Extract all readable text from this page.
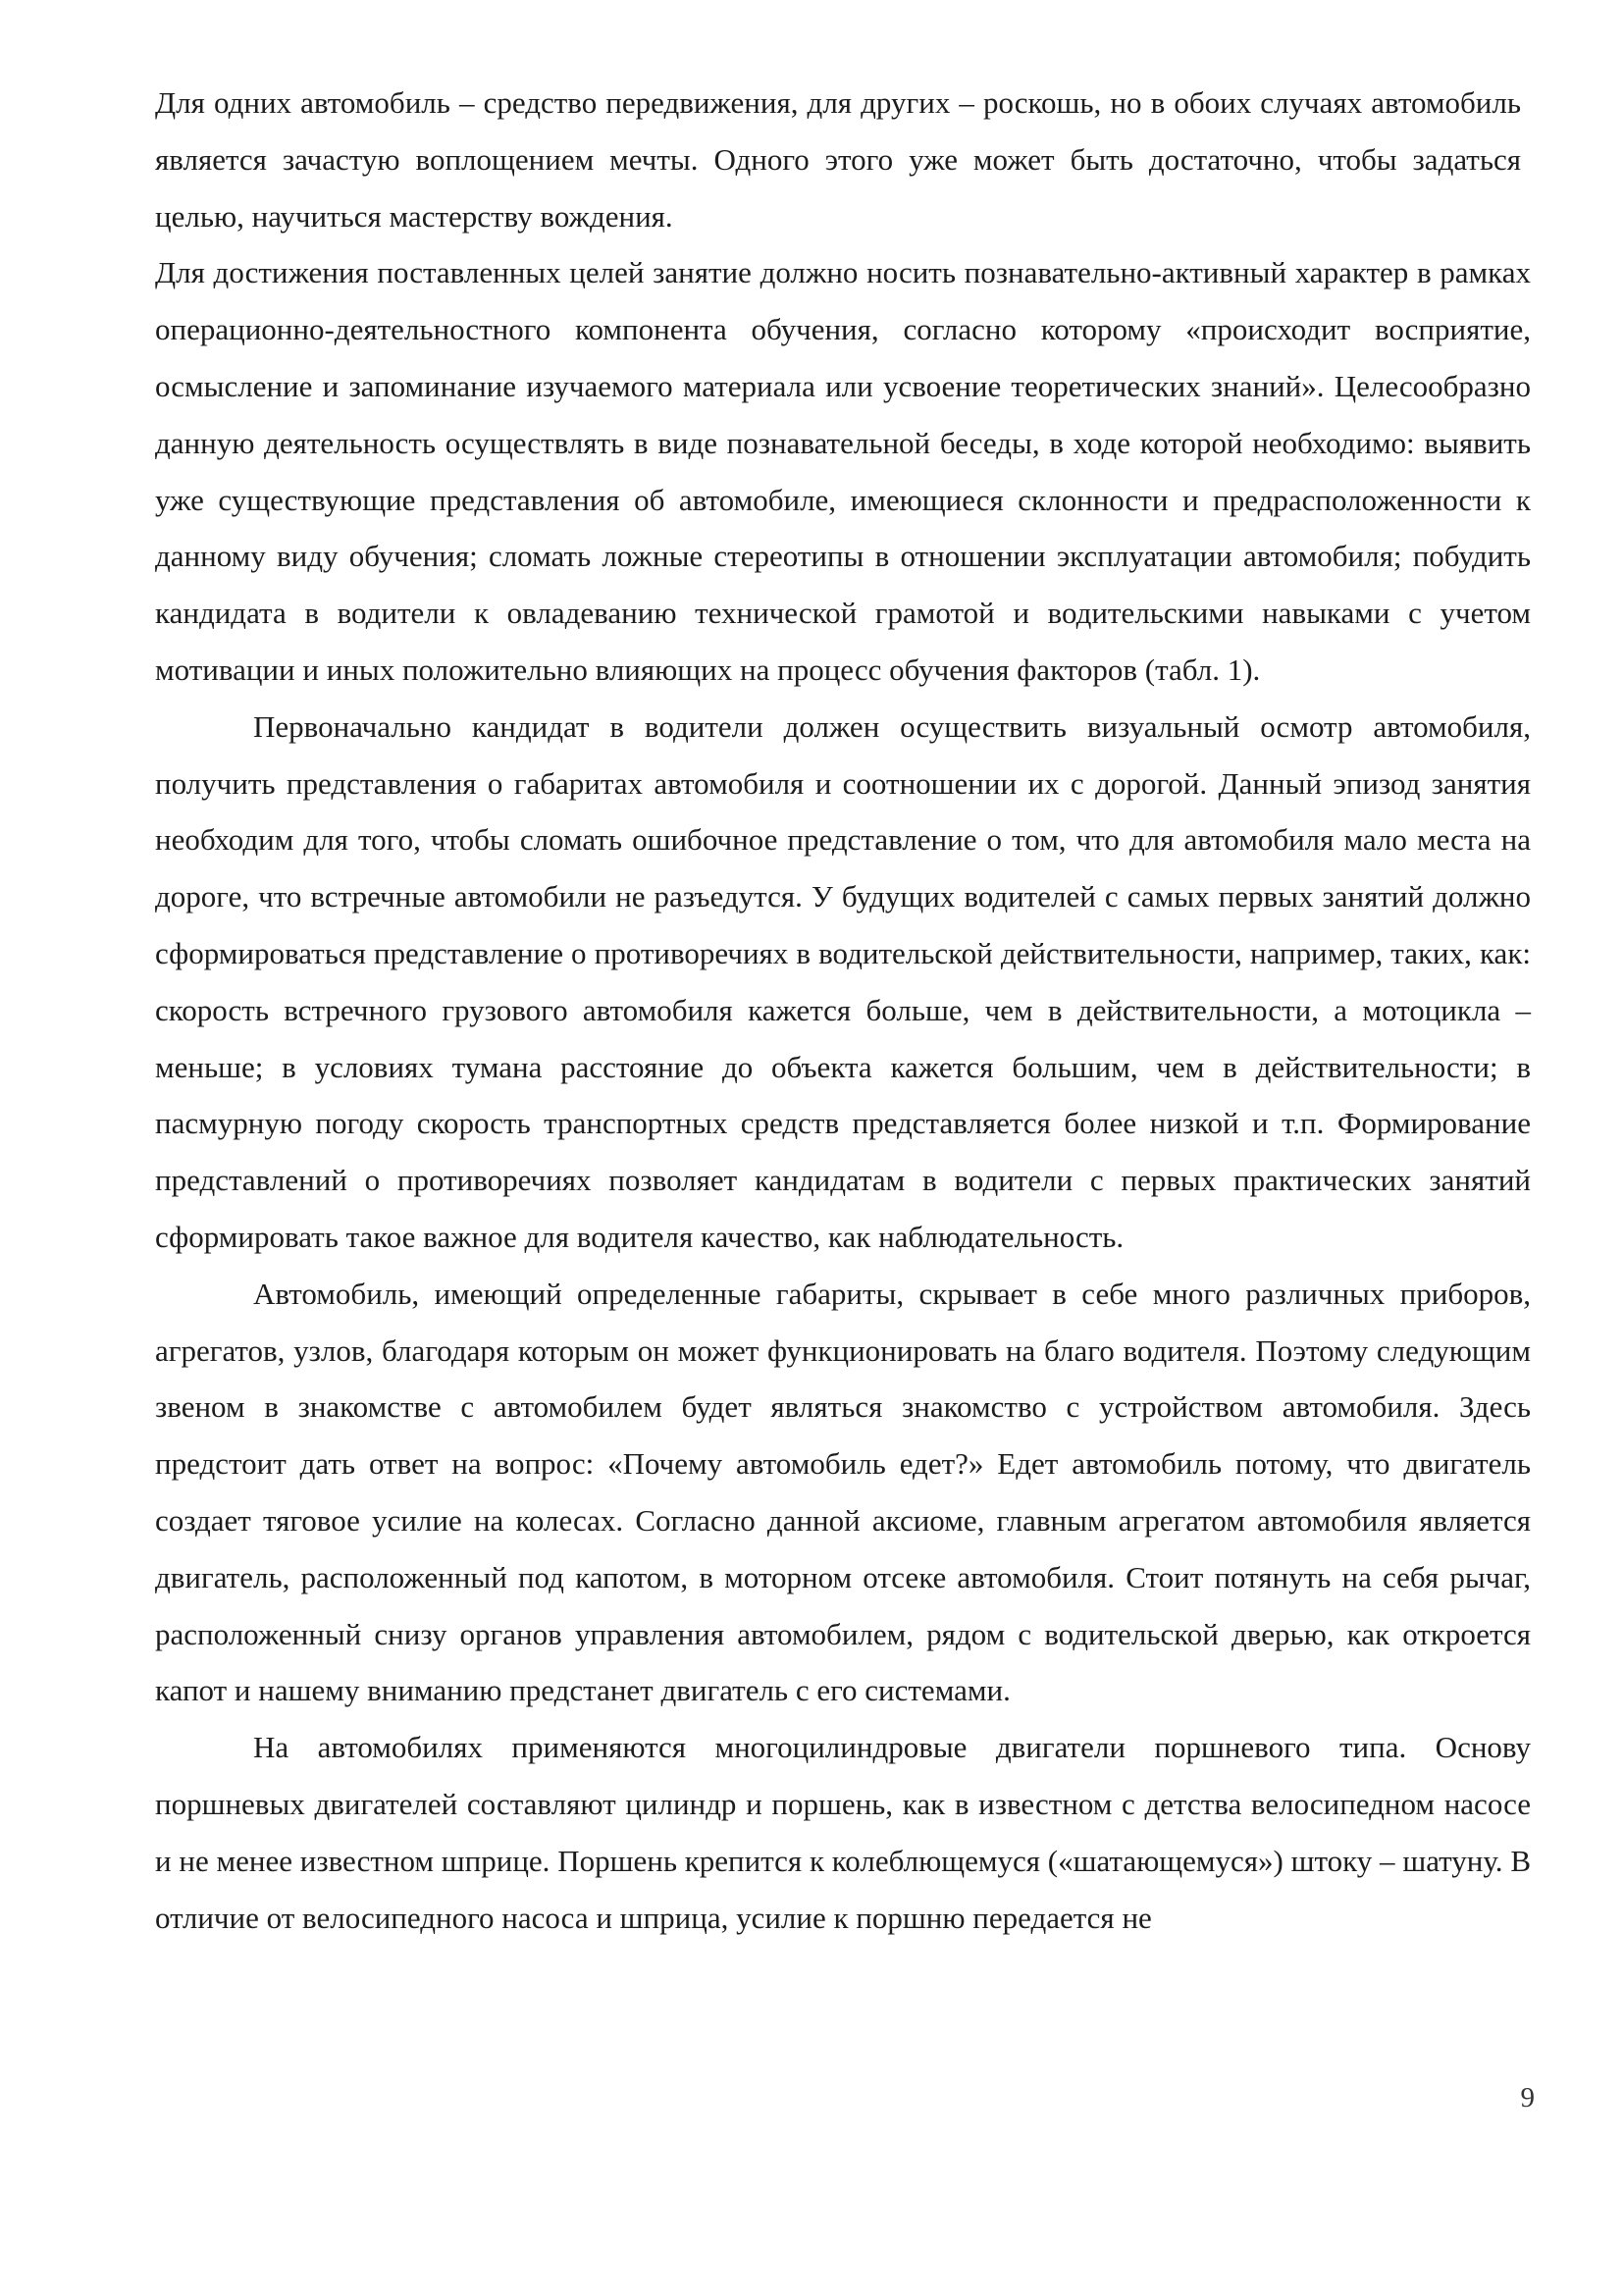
Для одних автомобиль – средство передвижения, для других – роскошь, но в обоих случаях автомобиль является зачастую воплощением мечты. Одного этого уже может быть достаточно, чтобы задаться целью, научиться мастерству вождения.

Для достижения поставленных целей занятие должно носить познавательно-активный характер в рамках операционно-деятельностного компонента обучения, согласно которому «происходит восприятие, осмысление и запоминание изучаемого материала или усвоение теоретических знаний». Целесообразно данную деятельность осуществлять в виде познавательной беседы, в ходе которой необходимо: выявить уже существующие представления об автомобиле, имеющиеся склонности и предрасположенности к данному виду обучения; сломать ложные стереотипы в отношении эксплуатации автомобиля; побудить кандидата в водители к овладеванию технической грамотой и водительскими навыками с учетом мотивации и иных положительно влияющих на процесс обучения факторов (табл. 1).

Первоначально кандидат в водители должен осуществить визуальный осмотр автомобиля, получить представления о габаритах автомобиля и соотношении их с дорогой. Данный эпизод занятия необходим для того, чтобы сломать ошибочное представление о том, что для автомобиля мало места на дороге, что встречные автомобили не разъедутся. У будущих водителей с самых первых занятий должно сформироваться представление о противоречиях в водительской действительности, например, таких, как: скорость встречного грузового автомобиля кажется больше, чем в действительности, а мотоцикла –меньше; в условиях тумана расстояние до объекта кажется большим, чем в действительности; в пасмурную погоду скорость транспортных средств представляется более низкой и т.п. Формирование представлений о противоречиях позволяет кандидатам в водители с первых практических занятий сформировать такое важное для водителя качество, как наблюдательность.

Автомобиль, имеющий определенные габариты, скрывает в себе много различных приборов, агрегатов, узлов, благодаря которым он может функционировать на благо водителя. Поэтому следующим звеном в знакомстве с автомобилем будет являться знакомство с устройством автомобиля. Здесь предстоит дать ответ на вопрос: «Почему автомобиль едет?» Едет автомобиль потому, что двигатель создает тяговое усилие на колесах. Согласно данной аксиоме, главным агрегатом автомобиля является двигатель, расположенный под капотом, в моторном отсеке автомобиля. Стоит потянуть на себя рычаг, расположенный снизу органов управления автомобилем, рядом с водительской дверью, как откроется капот и нашему вниманию предстанет двигатель с его системами.

На автомобилях применяются многоцилиндровые двигатели поршневого типа. Основу поршневых двигателей составляют цилиндр и поршень, как в известном с детства велосипедном насосе и не менее известном шприце. Поршень крепится к колеблющемуся («шатающемуся») штоку – шатуну. В отличие от велосипедного насоса и шприца, усилие к поршню передается не

9
